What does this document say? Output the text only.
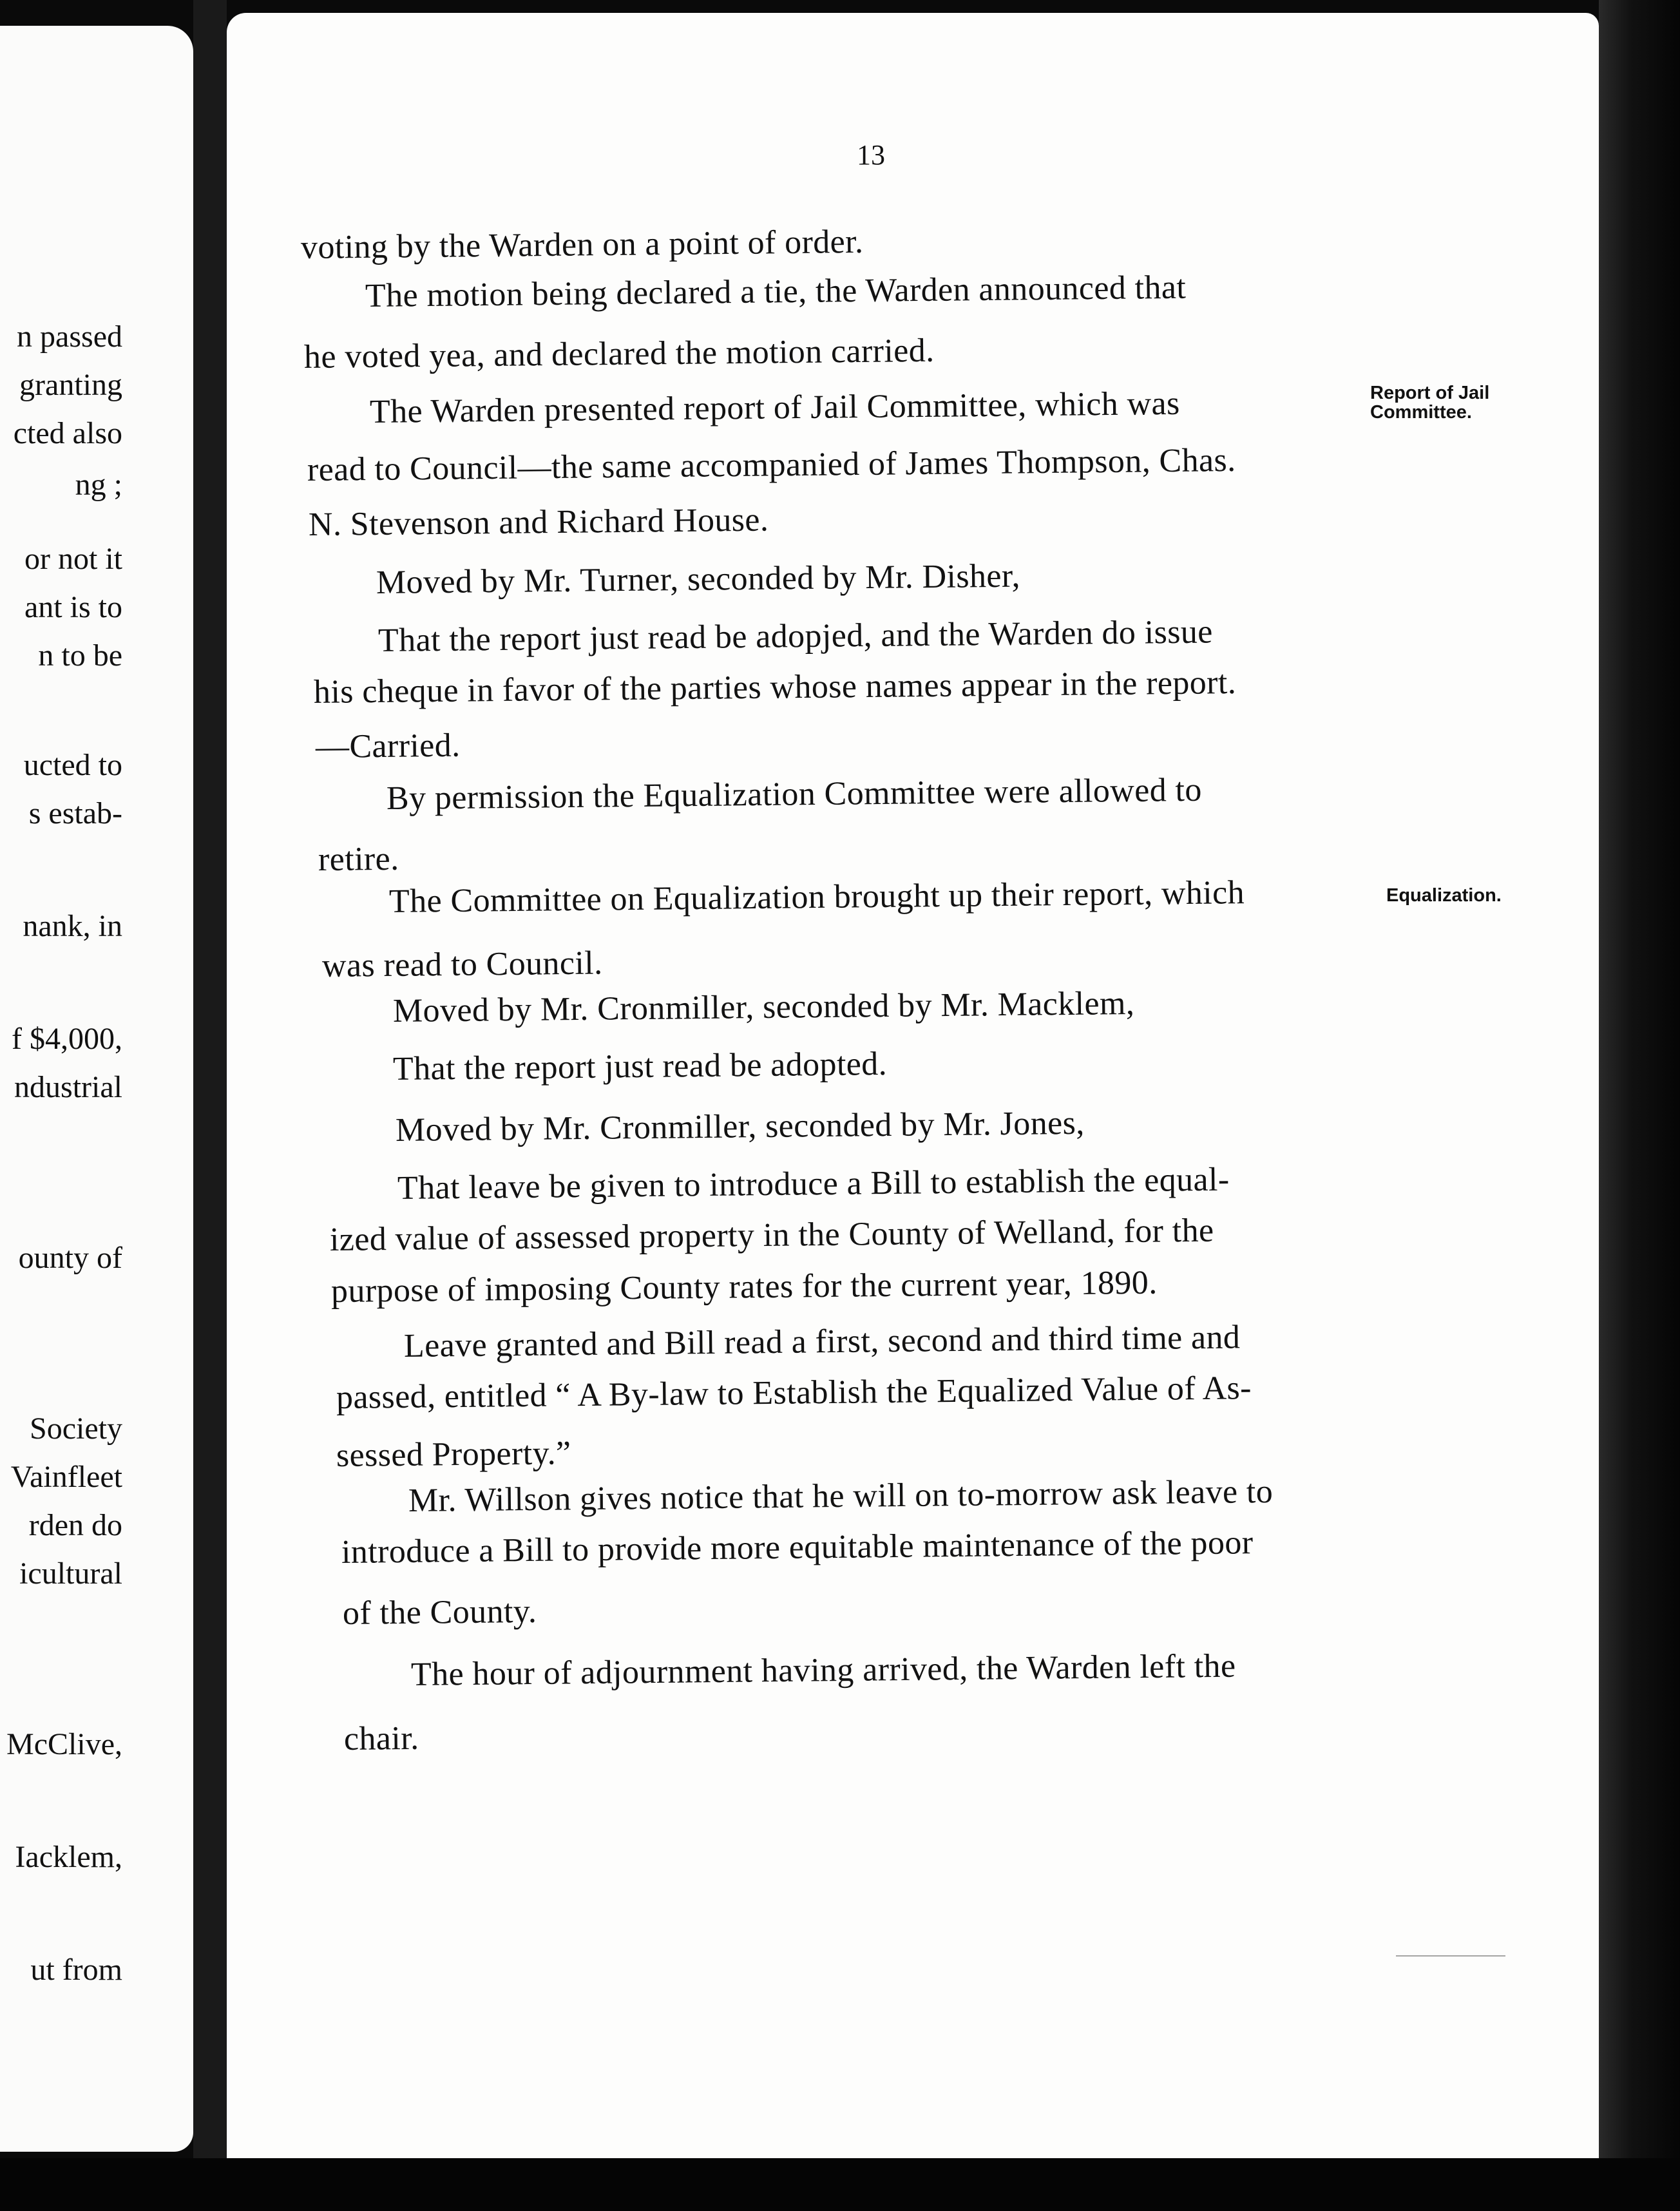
n passed
granting
cted also
ng ;
or not it
ant is to
n to be
ucted to
s estab-
nank, in
f $4,000,
ndustrial
ounty of
Society
Vainfleet
rden do
icultural
McClive,
Iacklem,
ut from
13
voting by the Warden on a point of order.
The motion being declared a tie, the Warden announced that
he voted yea, and declared the motion carried.
The Warden presented report of Jail Committee, which was
read to Council—the same accompanied of James Thompson, Chas.
N. Stevenson and Richard House.
Moved by Mr. Turner, seconded by Mr. Disher,
That the report just read be adopjed, and the Warden do issue
his cheque in favor of the parties whose names appear in the report.
—Carried.
By permission the Equalization Committee were allowed to
retire.
The Committee on Equalization brought up their report, which
was read to Council.
Moved by Mr. Cronmiller, seconded by Mr. Macklem,
That the report just read be adopted.
Moved by Mr. Cronmiller, seconded by Mr. Jones,
That leave be given to introduce a Bill to establish the equal-
ized value of assessed property in the County of Welland, for the
purpose of imposing County rates for the current year, 1890.
Leave granted and Bill read a first, second and third time and
passed, entitled “ A By-law to Establish the Equalized Value of As-
sessed Property.”
Mr. Willson gives notice that he will on to-morrow ask leave to
introduce a Bill to provide more equitable maintenance of the poor
of the County.
The hour of adjournment having arrived, the Warden left the
chair.
Report of Jail
Committee.
Equalization.
